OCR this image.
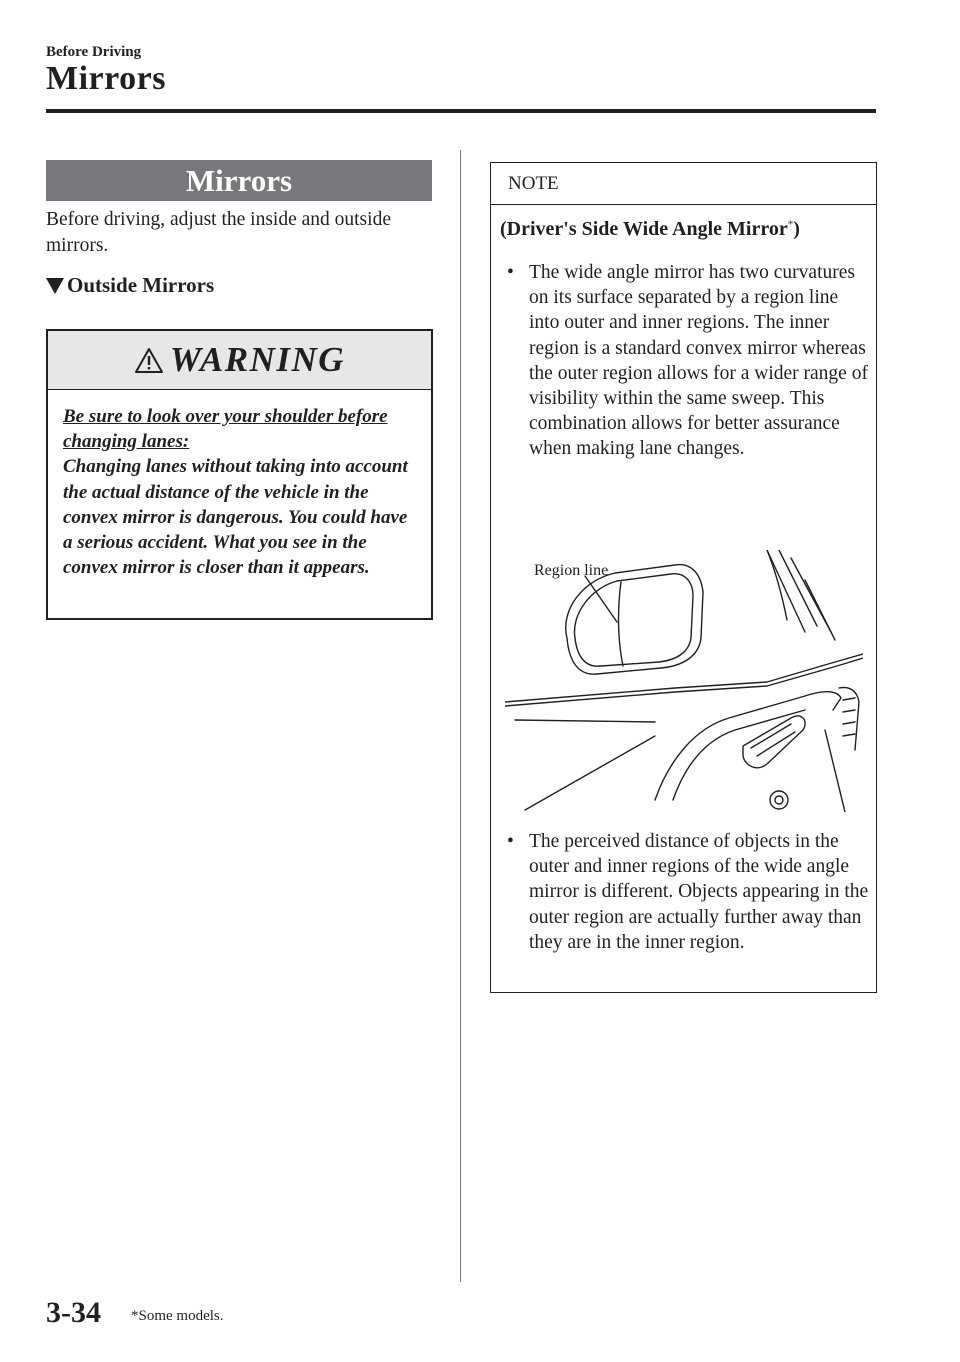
Before Driving
Mirrors
Mirrors

Before driving, adjust the inside and outside mirrors.

Outside Mirrors
WARNING
Be sure to look over your shoulder before changing lanes:
Changing lanes without taking into account the actual distance of the vehicle in the convex mirror is dangerous. You could have a serious accident. What you see in the convex mirror is closer than it appears.
NOTE
(Driver's Side Wide Angle Mirror*)
• The wide angle mirror has two curvatures on its surface separated by a region line into outer and inner regions. The inner region is a standard convex mirror whereas the outer region allows for a wider range of visibility within the same sweep. This combination allows for better assurance when making lane changes.
Region line
• The perceived distance of objects in the outer and inner regions of the wide angle mirror is different. Objects appearing in the outer region are actually further away than they are in the inner region.
3-34 *Some models.
